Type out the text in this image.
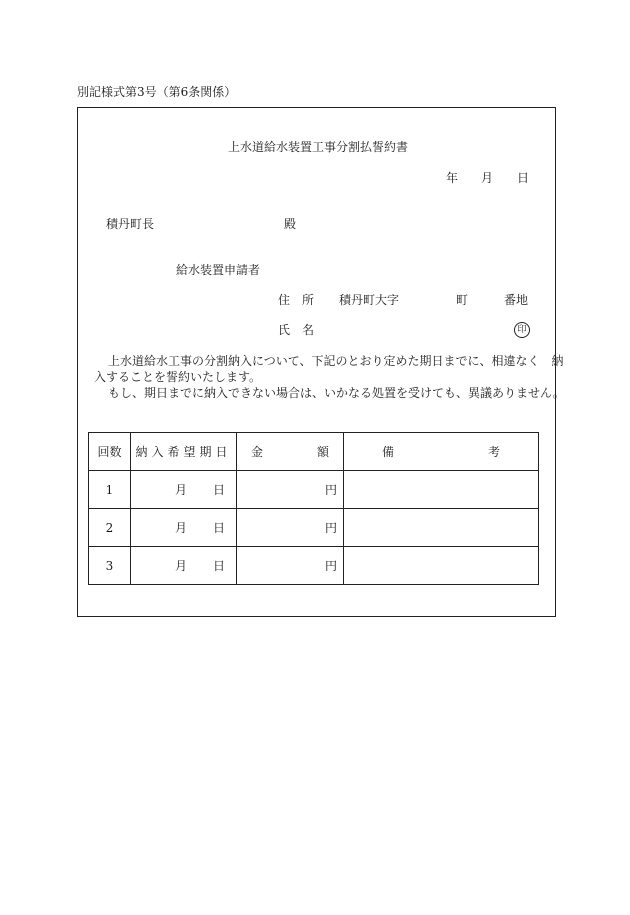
別記様式第3号（第6条関係）
上水道給水装置工事分割払誓約書
年 月 日
積丹町長	殿
給水装置申請者
住　所 積丹町大字	町	番地
氏　名	印
上水道給水工事の分割納入について、下記のとおり定めた期日までに、相違なく　納
入することを誓約いたします。
もし、期日までに納入できない場合は、いかなる処置を受けても、異議ありません。
回数	納入希望期日	金 額	備 考

1	月 日	円	
2	月 日	円	
3	月 日	円	
